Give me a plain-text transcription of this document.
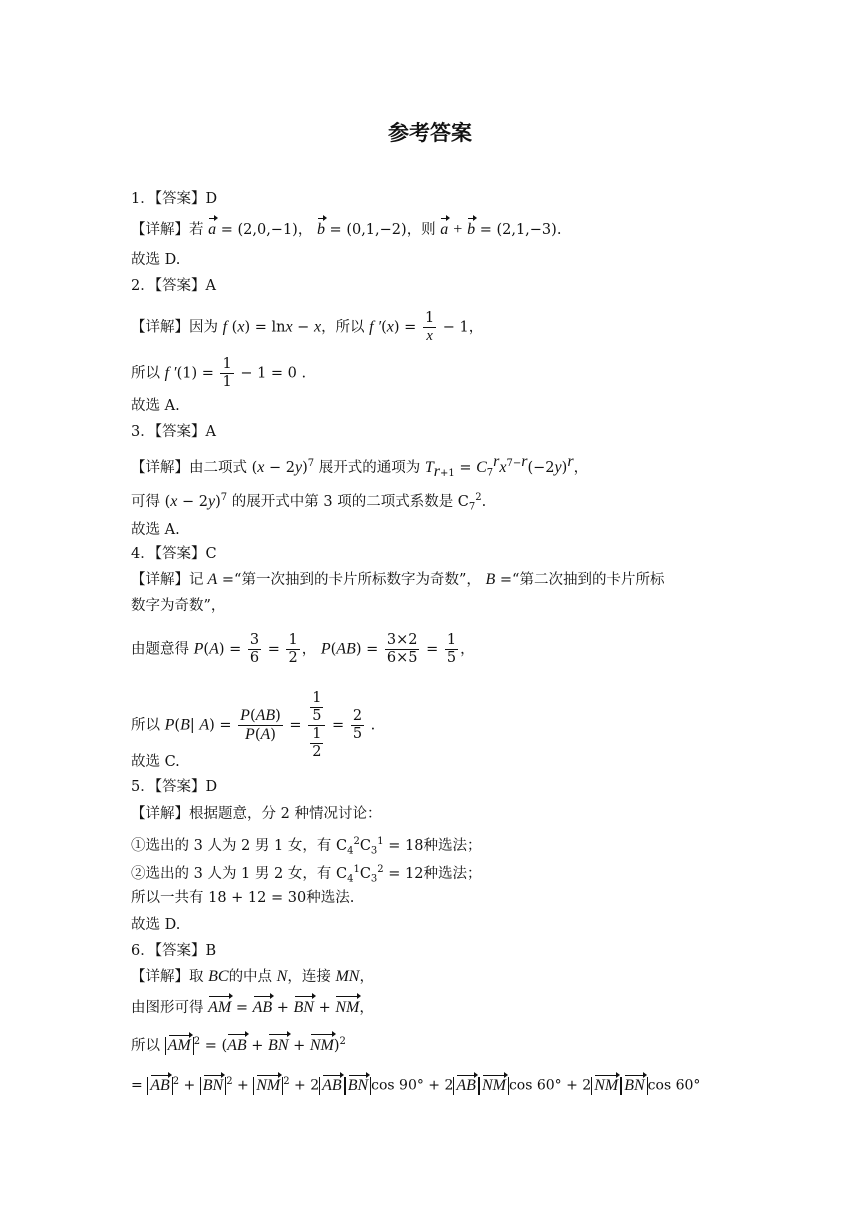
参考答案
1．【答案】D
【详解】若 a = (2,0,−1)， b = (0,1,−2)，则 a + b = (2,1,−3).
故选 D.
2．【答案】A
【详解】因为 f (x) = lnx − x，所以 f $'(x) = \frac{1}{x} - 1$，
所以 f $'(1) = \frac{1}{1} - 1 = 0$ .
故选 A.
3．【答案】A
【详解】由二项式 $(x - 2y)^7$ 展开式的通项为 $T_{r+1} = C_7^rx^{7-r}(-2y)^r$，
可得 $(x - 2y)^7$ 的展开式中第 3 项的二项式系数是 $C_7^2$.
故选 A.
4．【答案】C
【详解】记 A =“第一次抽到的卡片所标数字为奇数”， B =“第二次抽到的卡片所标
数字为奇数”，
由题意得 $P(A) = \frac{3}{6} = \frac{1}{2}$ ， $P(AB) = \frac{3\times 2}{6\times 5} = \frac{1}{5}$ ，
所以 P(B| $A) = \frac{P(AB)}{P(A)} = \frac{\frac{1}{5}}{\frac{1}{2}} = \frac{2}{5}$ .
故选 C.
5．【答案】D
【详解】根据题意，分 2 种情况讨论：
①选出的 3 人为 2 男 1 女，有 $C_4^2C_3^1 = 18$种选法；
②选出的 3 人为 1 男 2 女，有 $C_4^1C_3^2 = 12$种选法；
所以一共有 18 + 12 = 30种选法.
故选 D.
6．【答案】B
【详解】取 BC的中点 N，连接 MN，
由图形可得 AM = AB + BN + NM，
所以 AM $^2$ = (AB + BN + NM)$^2$
= AB $^2$ + BN $^2$ + NM $^2$ + 2 AB BN cos 90° + 2 AB NM cos 60° + 2 NM BN cos 60°
